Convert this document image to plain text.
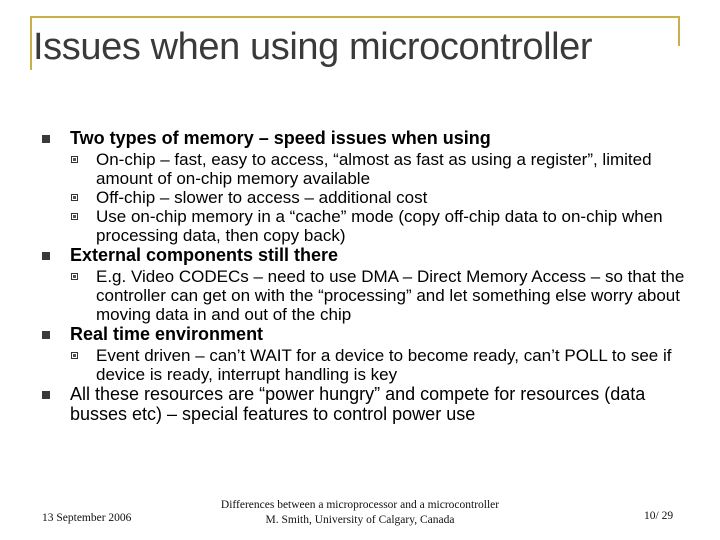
Issues when using microcontroller
Two types of memory – speed issues when using
On-chip – fast, easy to access, “almost as fast as using a register”, limited amount of on-chip memory available
Off-chip – slower to access – additional cost
Use on-chip memory in a “cache” mode (copy off-chip data to on-chip when processing data, then copy back)
External components still there
E.g. Video CODECs – need to use DMA – Direct Memory Access – so that the controller can get on with the “processing” and let something else worry about moving data in and out of the chip
Real time environment
Event driven – can’t WAIT for a device to become ready, can’t POLL to see if device is ready, interrupt handling is key
All these resources are “power hungry” and compete for resources (data busses etc) – special features to control power use
13 September 2006
Differences between a microprocessor and a microcontroller
M. Smith, University of Calgary, Canada	10/ 29
